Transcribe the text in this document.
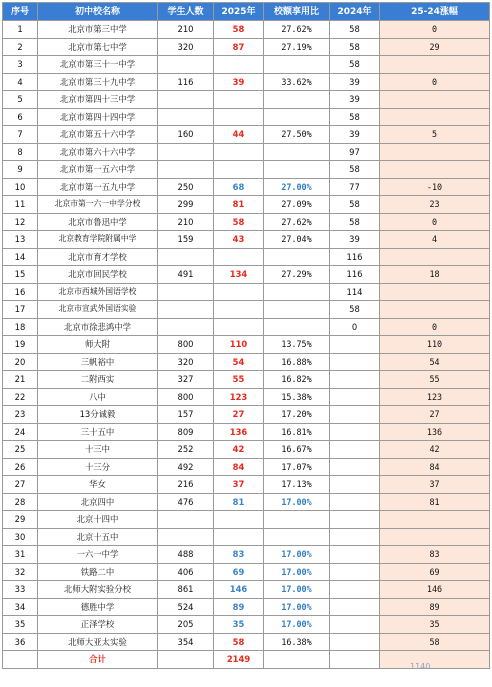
序号	初中校名称	学生人数	2025年	校额享用比	2024年	25-24涨幅
1	北京市第三中学	210	58	27.62%	58	0
2	北京市第七中学	320	87	27.19%	58	29
3	北京市第三十一中学				58	
4	北京市第三十九中学	116	39	33.62%	39	0
5	北京市第四十三中学				39	
6	北京市第四十四中学				58	
7	北京市第五十六中学	160	44	27.50%	39	5
8	北京市第六十六中学				97	
9	北京市第一五六中学				58	
10	北京市第一五九中学	250	68	27.00%	77	-10
11	北京市第一六一中学分校	299	81	27.09%	58	23
12	北京市鲁迅中学	210	58	27.62%	58	0
13	北京教育学院附属中学	159	43	27.04%	39	4
14	北京市育才学校				116	
15	北京市回民学校	491	134	27.29%	116	18
16	北京市西城外国语学校				114	
17	北京市宣武外国语实验				58	
18	北京市徐悲鸿中学				0	0
19	师大附	800	110	13.75%		110
20	三帆裕中	320	54	16.88%		54
21	二附西实	327	55	16.82%		55
22	八中	800	123	15.38%		123
23	13分诚毅	157	27	17.20%		27
24	三十五中	809	136	16.81%		136
25	十三中	252	42	16.67%		42
26	十三分	492	84	17.07%		84
27	华女	216	37	17.13%		37
28	北京四中	476	81	17.00%		81
29	北京十四中					
30	北京十五中					
31	一六一中学	488	83	17.00%		83
32	铁路二中	406	69	17.00%		69
33	北师大附实验分校	861	146	17.00%		146
34	德胜中学	524	89	17.00%		89
35	正泽学校	205	35	17.00%		35
36	北师大亚太实验	354	58	16.38%		58
	合计		2149			
1140
